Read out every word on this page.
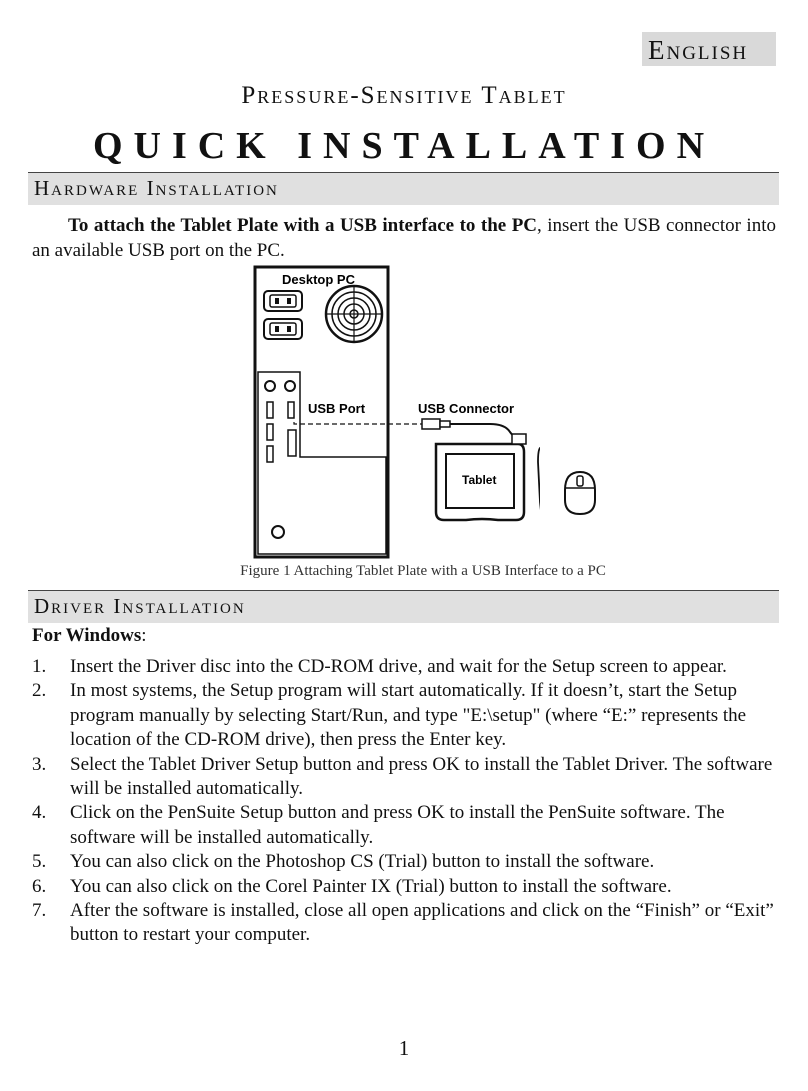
English
Pressure-Sensitive Tablet
QUICK INSTALLATION
Hardware Installation
To attach the Tablet Plate with a USB interface to the PC, insert the USB connector into an available USB port on the PC.
Desktop PC
USB Port	USB Connector
Tablet
Figure 1 Attaching Tablet Plate with a USB Interface to a PC
Driver Installation
For Windows:
1. Insert the Driver disc into the CD-ROM drive, and wait for the Setup screen to appear.
2. In most systems, the Setup program will start automatically. If it doesn’t, start the Setup program manually by selecting Start/Run, and type "E:\setup" (where “E:” represents the location of the CD-ROM drive), then press the Enter key.
3. Select the Tablet Driver Setup button and press OK to install the Tablet Driver. The software will be installed automatically.
4. Click on the PenSuite Setup button and press OK to install the PenSuite software. The software will be installed automatically.
5. You can also click on the Photoshop CS (Trial) button to install the software.
6. You can also click on the Corel Painter IX (Trial) button to install the software.
7. After the software is installed, close all open applications and click on the “Finish” or “Exit” button to restart your computer.
1
